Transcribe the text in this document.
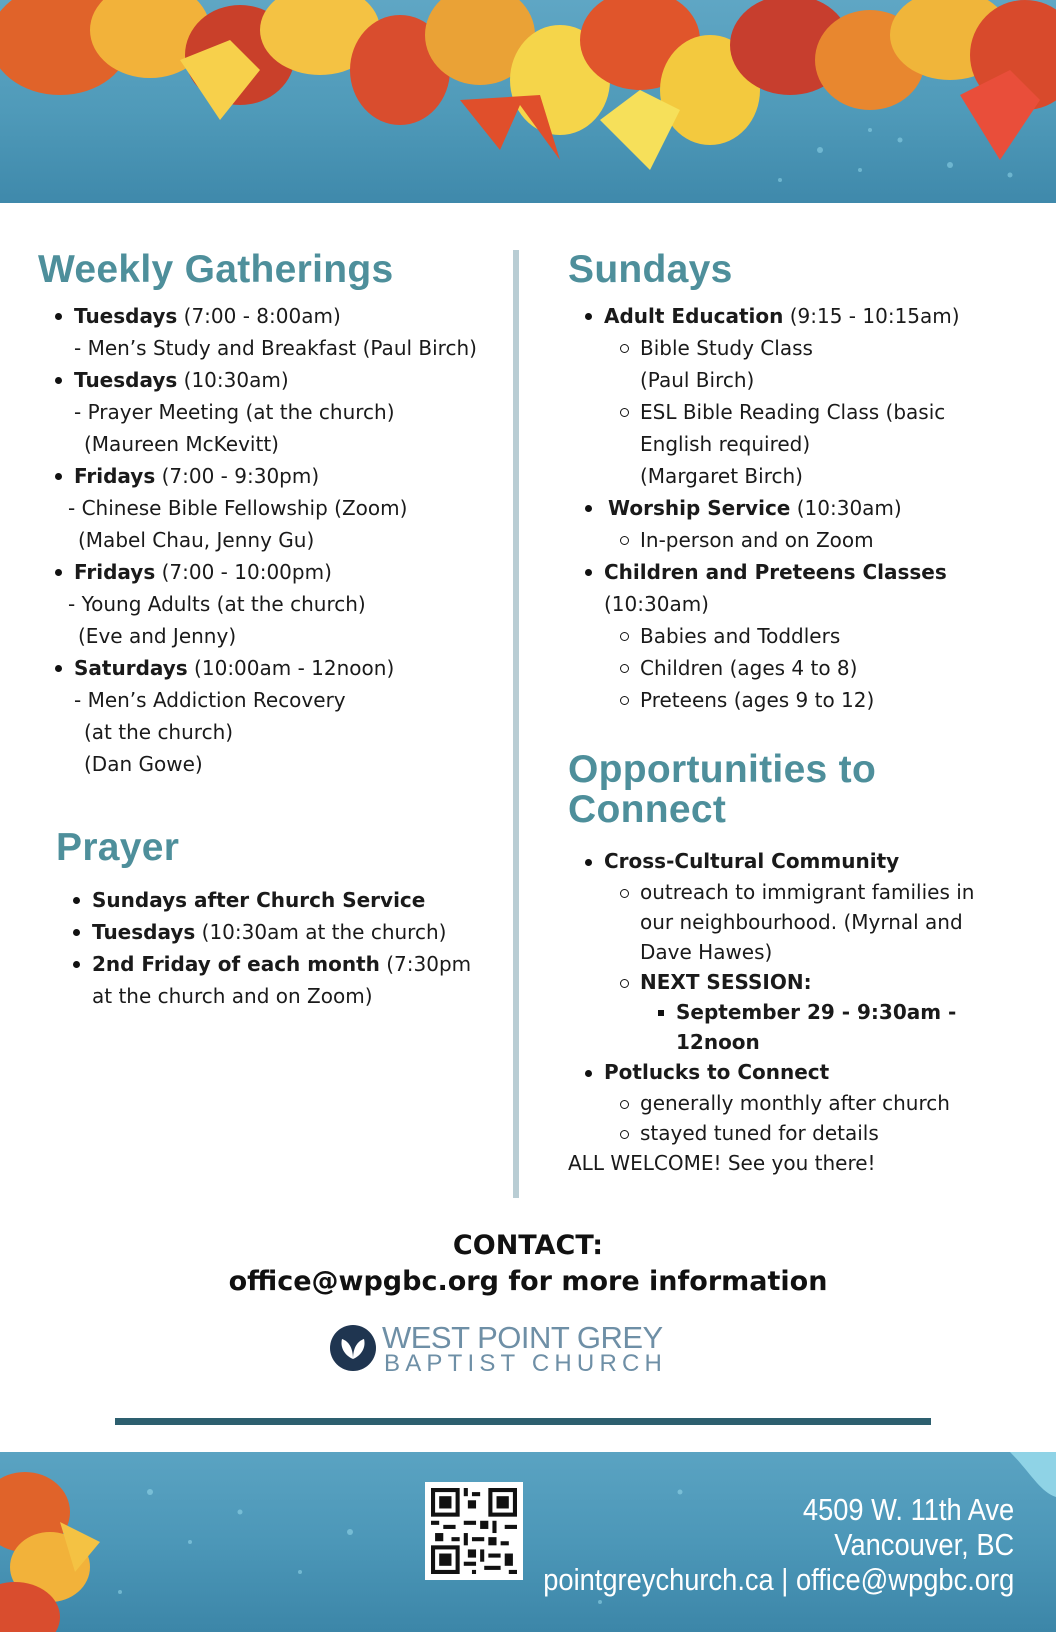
Weekly Gatherings
Tuesdays (7:00 - 8:00am)
- Men’s Study and Breakfast (Paul Birch)
Tuesdays (10:30am)
- Prayer Meeting (at the church)
(Maureen McKevitt)
Fridays (7:00 - 9:30pm)
- Chinese Bible Fellowship (Zoom)
(Mabel Chau, Jenny Gu)
Fridays (7:00 - 10:00pm)
- Young Adults (at the church)
(Eve and Jenny)
Saturdays (10:00am - 12noon)
- Men’s Addiction Recovery
(at the church)
(Dan Gowe)
Prayer
Sundays after Church Service
Tuesdays (10:30am at the church)
2nd Friday of each month (7:30pm
at the church and on Zoom)
Sundays
Adult Education (9:15 - 10:15am)
Bible Study Class
(Paul Birch)
ESL Bible Reading Class (basic
English required)
(Margaret Birch)
Worship Service (10:30am)
In-person and on Zoom
Children and Preteens Classes
(10:30am)
Babies and Toddlers
Children (ages 4 to 8)
Preteens (ages 9 to 12)
Opportunities to
Connect
Cross-Cultural Community
outreach to immigrant families in
our neighbourhood. (Myrnal and
Dave Hawes)
NEXT SESSION:
September 29 - 9:30am -
12noon
Potlucks to Connect
generally monthly after church
stayed tuned for details
ALL WELCOME! See you there!
CONTACT:
office@wpgbc.org for more information
WEST POINT GREY
BAPTIST CHURCH
4509 W. 11th Ave
Vancouver, BC
pointgreychurch.ca | office@wpgbc.org
